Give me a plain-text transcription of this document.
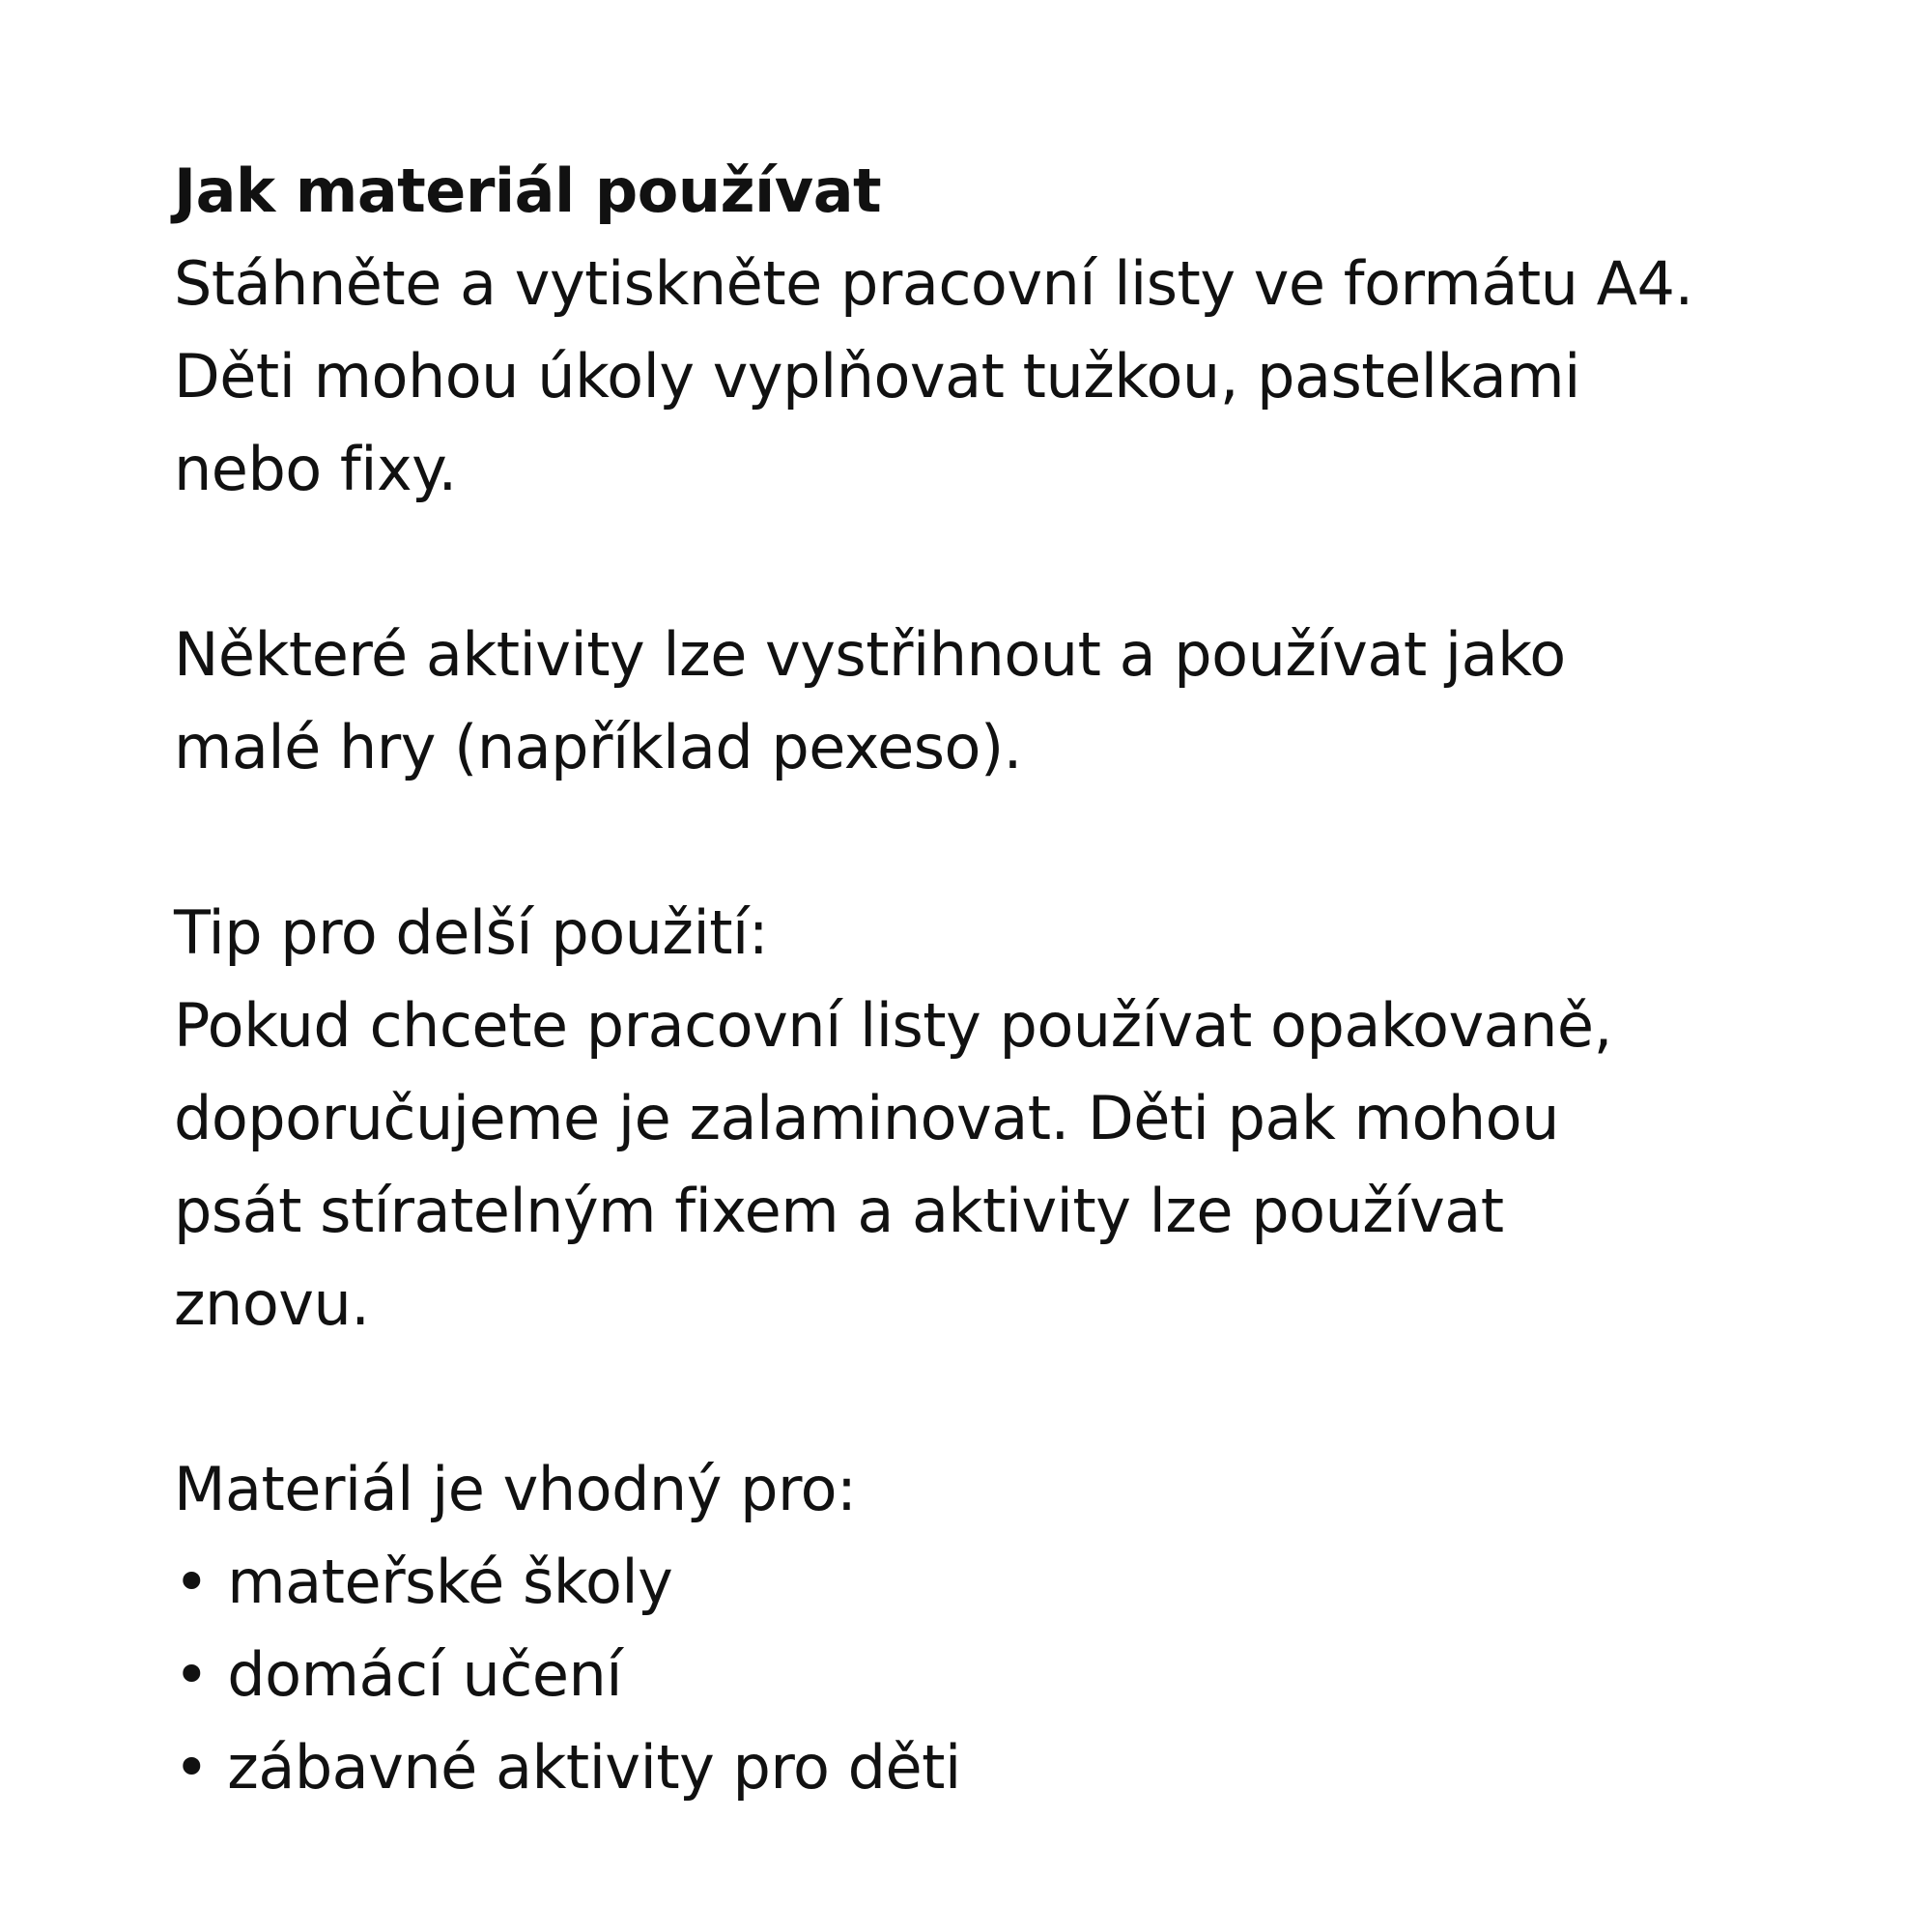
Jak materiál používat
Stáhněte a vytiskněte pracovní listy ve formátu A4.
Děti mohou úkoly vyplňovat tužkou, pastelkami
nebo fixy.
Některé aktivity lze vystřihnout a používat jako
malé hry (například pexeso).
Tip pro delší použití:
Pokud chcete pracovní listy používat opakovaně,
doporučujeme je zalaminovat. Děti pak mohou
psát stíratelným fixem a aktivity lze používat
znovu.
Materiál je vhodný pro:
• mateřské školy
• domácí učení
• zábavné aktivity pro děti
